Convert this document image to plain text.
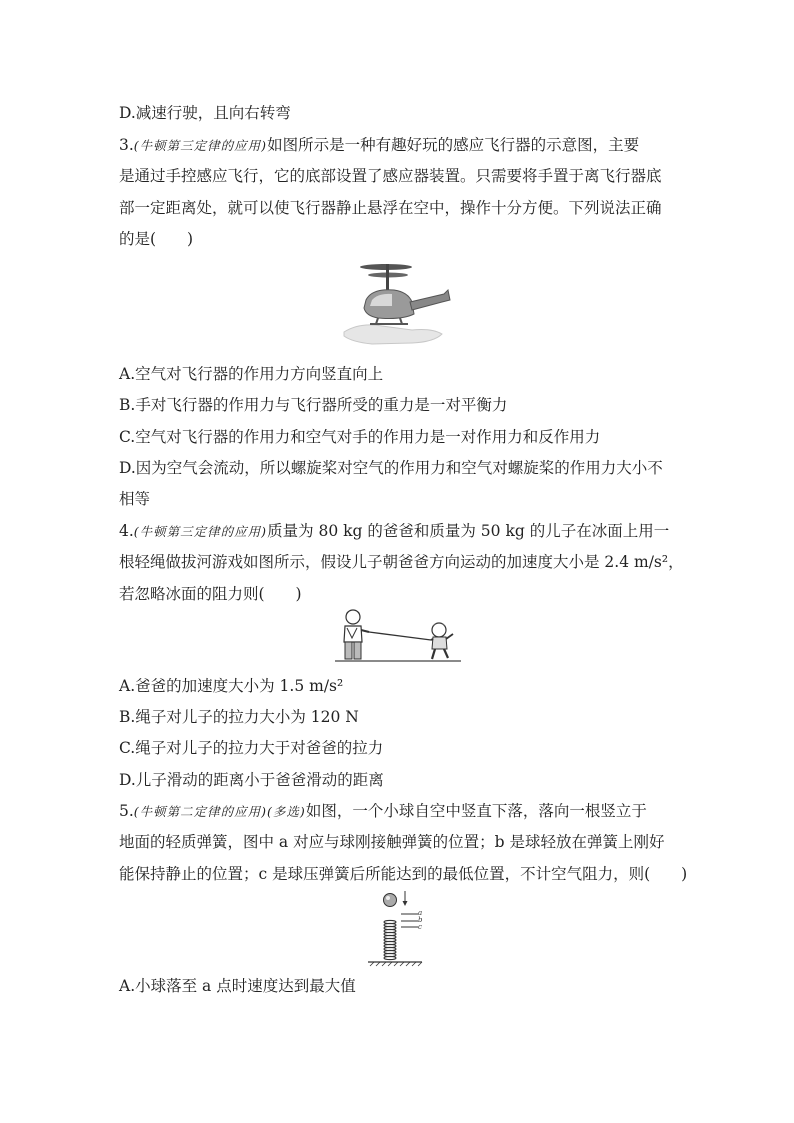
D.减速行驶，且向右转弯
3.(牛顿第三定律的应用)如图所示是一种有趣好玩的感应飞行器的示意图，主要
是通过手控感应飞行，它的底部设置了感应器装置。只需要将手置于离飞行器底
部一定距离处，就可以使飞行器静止悬浮在空中，操作十分方便。下列说法正确
的是(　　)
A.空气对飞行器的作用力方向竖直向上
B.手对飞行器的作用力与飞行器所受的重力是一对平衡力
C.空气对飞行器的作用力和空气对手的作用力是一对作用力和反作用力
D.因为空气会流动，所以螺旋桨对空气的作用力和空气对螺旋桨的作用力大小不
相等
4.(牛顿第三定律的应用)质量为 80 kg 的爸爸和质量为 50 kg 的儿子在冰面上用一
根轻绳做拔河游戏如图所示，假设儿子朝爸爸方向运动的加速度大小是 2.4 m/s²，
若忽略冰面的阻力则(　　)
A.爸爸的加速度大小为 1.5 m/s²
B.绳子对儿子的拉力大小为 120 N
C.绳子对儿子的拉力大于对爸爸的拉力
D.儿子滑动的距离小于爸爸滑动的距离
5.(牛顿第二定律的应用)(多选)如图，一个小球自空中竖直下落，落向一根竖立于
地面的轻质弹簧，图中 a 对应与球刚接触弹簧的位置；b 是球轻放在弹簧上刚好
能保持静止的位置；c 是球压弹簧后所能达到的最低位置，不计空气阻力，则(　　)
a
b
c
A.小球落至 a 点时速度达到最大值
